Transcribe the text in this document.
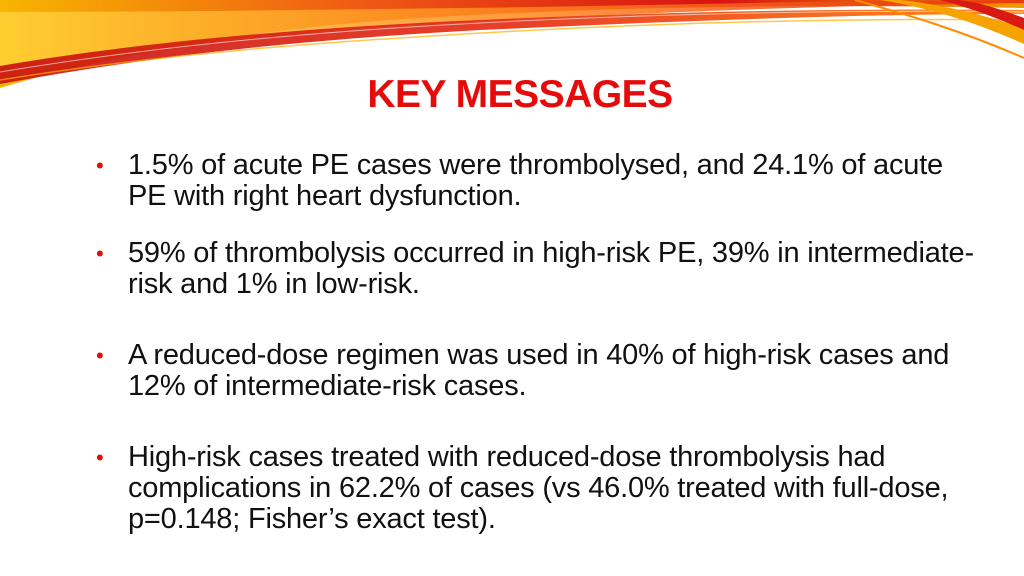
KEY MESSAGES
• 1.5% of acute PE cases were thrombolysed, and 24.1% of acute PE with right heart dysfunction.
• 59% of thrombolysis occurred in high-risk PE, 39% in intermediate-risk and 1% in low-risk.
• A reduced-dose regimen was used in 40% of high-risk cases and 12% of intermediate-risk cases.
• High-risk cases treated with reduced-dose thrombolysis had complications in 62.2% of cases (vs 46.0% treated with full-dose, p=0.148; Fisher’s exact test).
